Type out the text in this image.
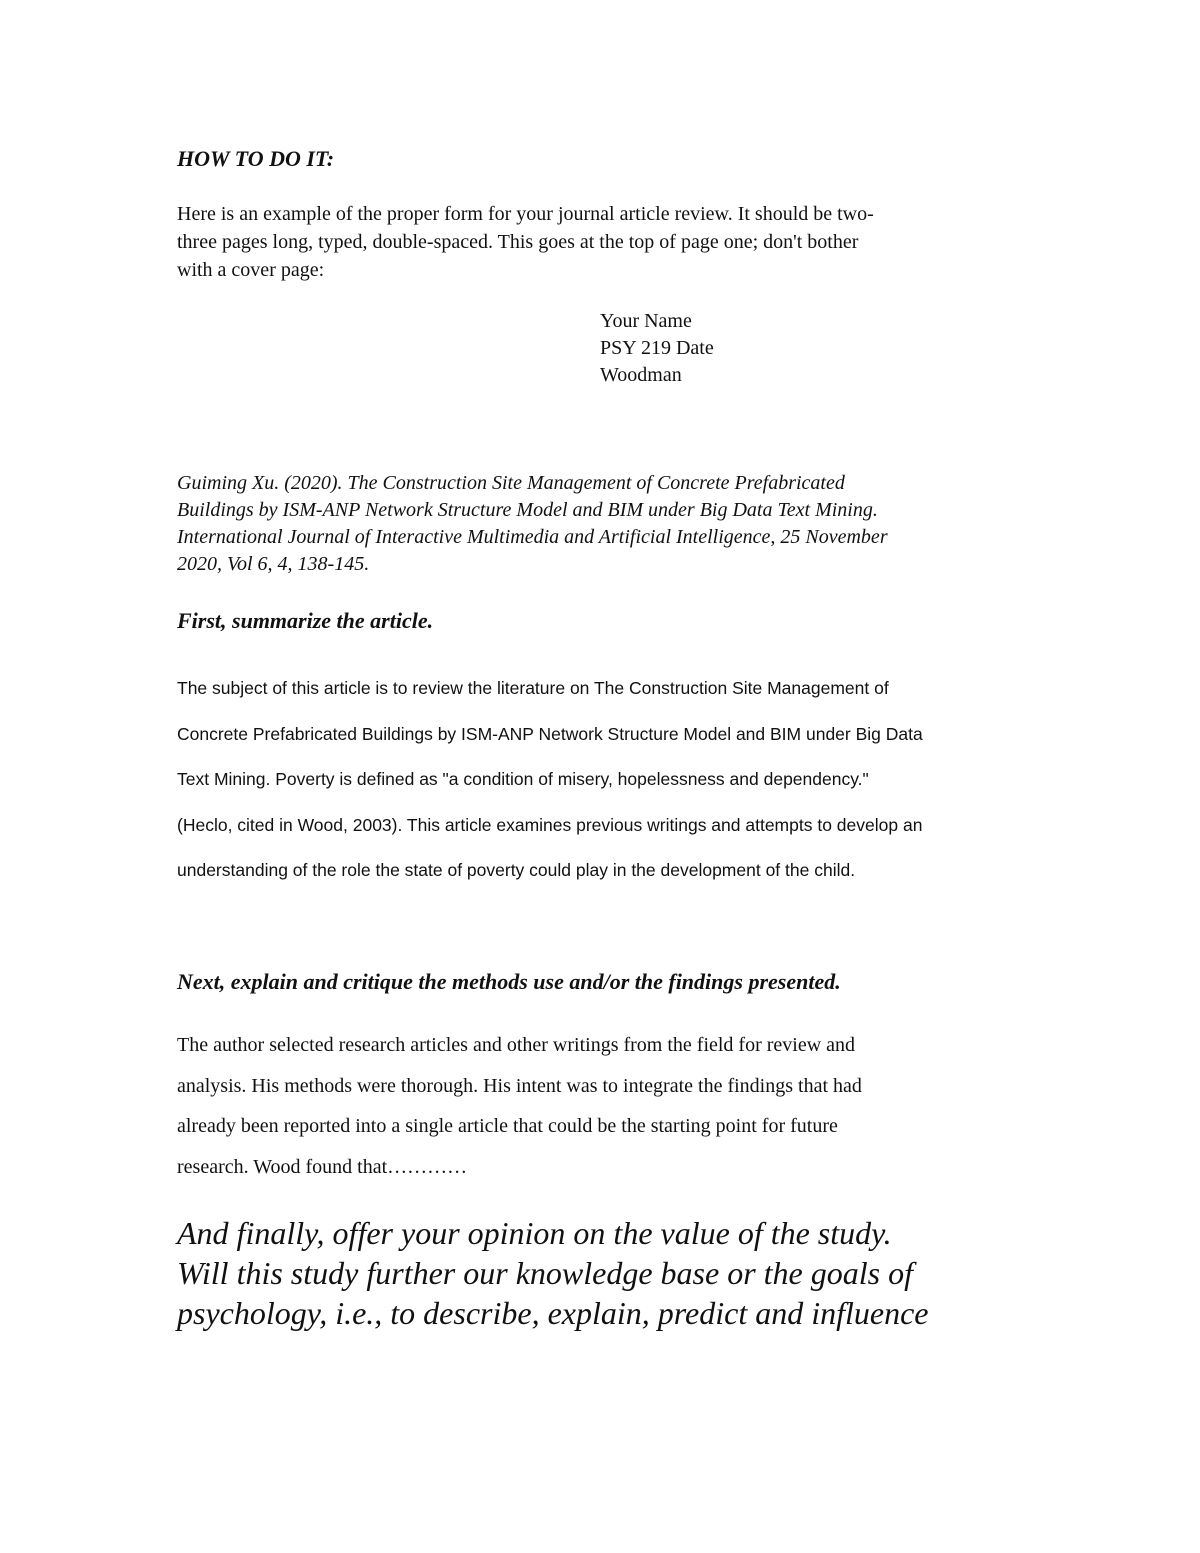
HOW TO DO IT:

Here is an example of the proper form for your journal article review. It should be two-
three pages long, typed, double-spaced. This goes at the top of page one; don't bother
with a cover page:

Your Name
PSY 219 Date
Woodman

Guiming Xu. (2020). The Construction Site Management of Concrete Prefabricated
Buildings by ISM-ANP Network Structure Model and BIM under Big Data Text Mining.
International Journal of Interactive Multimedia and Artificial Intelligence, 25 November
2020, Vol 6, 4, 138-145.

First, summarize the article.

The subject of this article is to review the literature on The Construction Site Management of
Concrete Prefabricated Buildings by ISM-ANP Network Structure Model and BIM under Big Data
Text Mining. Poverty is defined as "a condition of misery, hopelessness and dependency."
(Heclo, cited in Wood, 2003). This article examines previous writings and attempts to develop an
understanding of the role the state of poverty could play in the development of the child.

Next, explain and critique the methods use and/or the findings presented.

The author selected research articles and other writings from the field for review and
analysis. His methods were thorough. His intent was to integrate the findings that had
already been reported into a single article that could be the starting point for future
research. Wood found that…………

And finally, offer your opinion on the value of the study.
Will this study further our knowledge base or the goals of
psychology, i.e., to describe, explain, predict and influence
